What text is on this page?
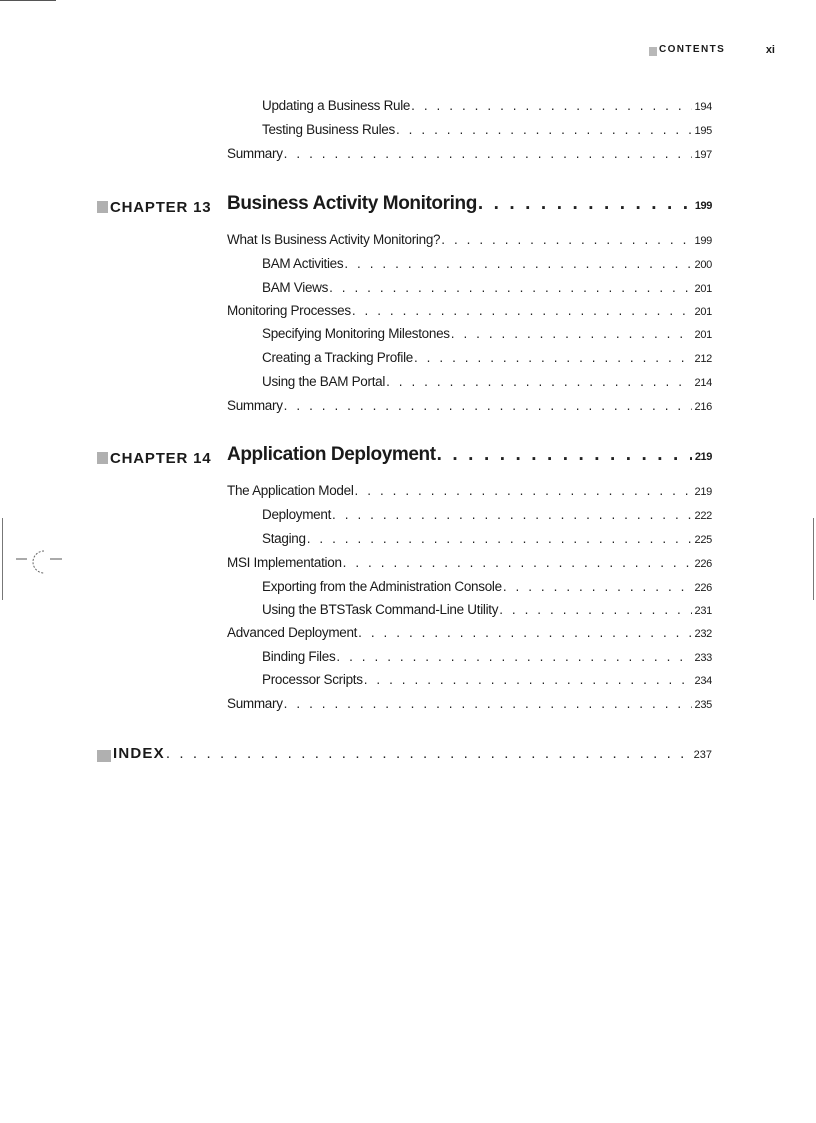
CONTENTS	xi
Updating a Business Rule . . .	194
Testing Business Rules . . .	195
Summary . . .	197
CHAPTER 13 Business Activity Monitoring . . .	199
What Is Business Activity Monitoring? . . .	199
BAM Activities . . .	200
BAM Views . . .	201
Monitoring Processes . . .	201
Specifying Monitoring Milestones . . .	201
Creating a Tracking Profile . . .	212
Using the BAM Portal . . .	214
Summary . . .	216
CHAPTER 14 Application Deployment . . .	219
The Application Model . . .	219
Deployment . . .	222
Staging . . .	225
MSI Implementation . . .	226
Exporting from the Administration Console . . .	226
Using the BTSTask Command-Line Utility . . .	231
Advanced Deployment . . .	232
Binding Files . . .	233
Processor Scripts . . .	234
Summary . . .	235
INDEX . . .	237
